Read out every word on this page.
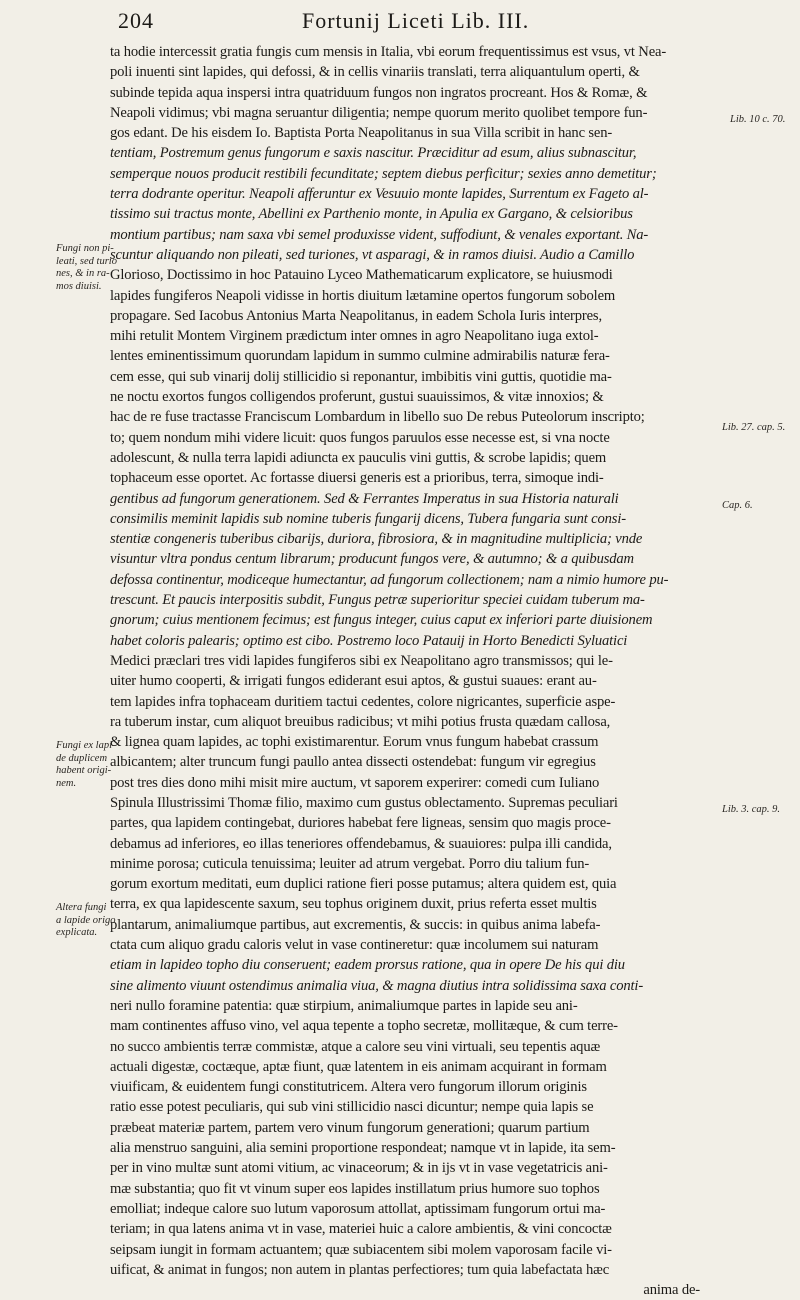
204	Fortunij Liceti Lib. III.
ta hodie intercessit gratia fungis cum mensis in Italia, vbi eorum frequentissimus est vsus, vt Nea-
poli inuenti sint lapides, qui defossi, & in cellis vinariis translati, terra aliquantulum operti, &
subinde tepida aqua inspersi intra quatriduum fungos non ingratos procreant. Hos & Romæ, &
Neapoli vidimus; vbi magna seruantur diligentia; nempe quorum merito quolibet tempore fun-
gos edant. De his eisdem Io. Baptista Porta Neapolitanus in sua Villa scribit in hanc sen-
tentiam, Postremum genus fungorum e saxis nascitur. Præciditur ad esum, alius subnascitur,
semperque nouos producit restibili fecunditate; septem diebus perficitur; sexies anno demetitur;
terra dodrante operitur. Neapoli afferuntur ex Vesuuio monte lapides, Surrentum ex Fageto al-
tissimo sui tractus monte, Abellini ex Parthenio monte, in Apulia ex Gargano, & celsioribus
montium partibus; nam saxa vbi semel produxisse vident, suffodiunt, & venales exportant. Na-
scuntur aliquando non pileati, sed turiones, vt asparagi, & in ramos diuisi. Audio a Camillo
Glorioso, Doctissimo in hoc Patauino Lyceo Mathematicarum explicatore, se huiusmodi
lapides fungiferos Neapoli vidisse in hortis diuitum lætamine opertos fungorum sobolem
propagare. Sed Iacobus Antonius Marta Neapolitanus, in eadem Schola Iuris interpres,
mihi retulit Montem Virginem prædictum inter omnes in agro Neapolitano iuga extol-
lentes eminentissimum quorundam lapidum in summo culmine admirabilis naturæ fera-
cem esse, qui sub vinarij dolij stillicidio si reponantur, imbibitis vini guttis, quotidie ma-
ne noctu exortos fungos colligendos proferunt, gustui suauissimos, & vitæ innoxios; &
hac de re fuse tractasse Franciscum Lombardum in libello suo De rebus Puteolorum inscripto;
to; quem nondum mihi videre licuit: quos fungos paruulos esse necesse est, si vna nocte
adolescunt, & nulla terra lapidi adiuncta ex pauculis vini guttis, & scrobe lapidis; quem
tophaceum esse oportet. Ac fortasse diuersi generis est a prioribus, terra, simoque indi-
gentibus ad fungorum generationem. Sed & Ferrantes Imperatus in sua Historia naturali
consimilis meminit lapidis sub nomine tuberis fungarij dicens, Tubera fungaria sunt consi-
stentiæ congeneris tuberibus cibarijs, duriora, fibrosiora, & in magnitudine multiplicia; vnde
visuntur vltra pondus centum librarum; producunt fungos vere, & autumno; & a quibusdam
defossa continentur, modiceque humectantur, ad fungorum collectionem; nam a nimio humore pu-
trescunt. Et paucis interpositis subdit, Fungus petræ superioritur speciei cuidam tuberum ma-
gnorum; cuius mentionem fecimus; est fungus integer, cuius caput ex inferiori parte diuisionem
habet coloris palearis; optimo est cibo. Postremo loco Patauij in Horto Benedicti Syluatici
Medici præclari tres vidi lapides fungiferos sibi ex Neapolitano agro transmissos; qui le-
uiter humo cooperti, & irrigati fungos ediderant esui aptos, & gustui suaues: erant au-
tem lapides infra tophaceam duritiem tactui cedentes, colore nigricantes, superficie aspe-
ra tuberum instar, cum aliquot breuibus radicibus; vt mihi potius frusta quædam callosa,
& lignea quam lapides, ac tophi existimarentur. Eorum vnus fungum habebat crassum
albicantem; alter truncum fungi paullo antea dissecti ostendebat: fungum vir egregius
post tres dies dono mihi misit mire auctum, vt saporem experirer: comedi cum Iuliano
Spinula Illustrissimi Thomæ filio, maximo cum gustus oblectamento. Supremas peculiari
partes, qua lapidem contingebat, duriores habebat fere ligneas, sensim quo magis proce-
debamus ad inferiores, eo illas teneriores offendebamus, & suauiores: pulpa illi candida,
minime porosa; cuticula tenuissima; leuiter ad atrum vergebat. Porro diu talium fun-
gorum exortum meditati, eum duplici ratione fieri posse putamus; altera quidem est, quia
terra, ex qua lapidescente saxum, seu tophus originem duxit, prius referta esset multis
plantarum, animaliumque partibus, aut excrementis, & succis: in quibus anima labefa-
ctata cum aliquo gradu caloris velut in vase contineretur: quæ incolumem sui naturam
etiam in lapideo topho diu conseruent; eadem prorsus ratione, qua in opere De his qui diu
sine alimento viuunt ostendimus animalia viua, & magna diutius intra solidissima saxa conti-
neri nullo foramine patentia: quæ stirpium, animaliumque partes in lapide seu ani-
mam continentes affuso vino, vel aqua tepente a topho secretæ, mollitæque, & cum terre-
no succo ambientis terræ commistæ, atque a calore seu vini virtuali, seu tepentis aquæ
actuali digestæ, coctæque, aptæ fiunt, quæ latentem in eis animam acquirant in formam
viuificam, & euidentem fungi constitutricem. Altera vero fungorum illorum originis
ratio esse potest peculiaris, qui sub vini stillicidio nasci dicuntur; nempe quia lapis se
præbeat materiæ partem, partem vero vinum fungorum generationi; quarum partium
alia menstruo sanguini, alia semini proportione respondeat; namque vt in lapide, ita sem-
per in vino multæ sunt atomi vitium, ac vinaceorum; & in ijs vt in vase vegetatricis ani-
mæ substantia; quo fit vt vinum super eos lapides instillatum prius humore suo tophos
emolliat; indeque calore suo lutum vaporosum attollat, aptissimam fungorum ortui ma-
teriam; in qua latens anima vt in vase, materiei huic a calore ambientis, & vini concoctæ
seipsam iungit in formam actuantem; quæ subiacentem sibi molem vaporosam facile vi-
uificat, & animat in fungos; non autem in plantas perfectiores; tum quia labefactata hæc
anima de-
Fungi non pi-
leati, sed turio
nes, & in ra-
mos diuisi.
Fungi ex lapi-
de duplicem
habent origi-
nem.
Altera fungi
a lapide origo
explicata.
Lib. 10 c. 70.
Lib. 27. cap. 5.
Cap. 6.
Lib. 3. cap. 9.
